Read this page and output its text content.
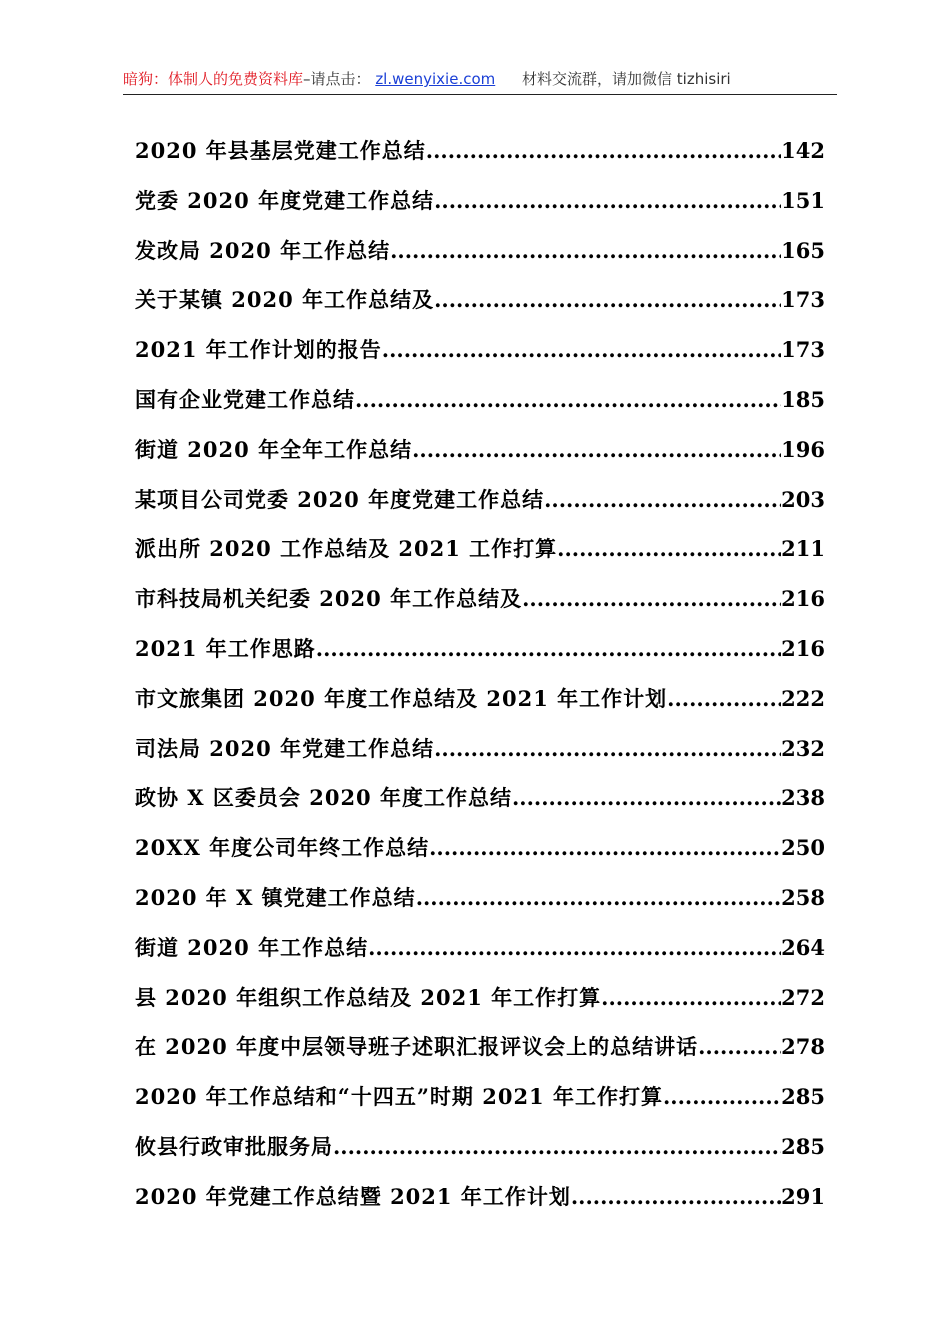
暗狗：体制人的免费资料库–请点击： zl.wenyixie.com 材料交流群，请加微信 tizhisiri
2020 年县基层党建工作总结 .....	142
党委 2020 年度党建工作总结 .....	151
发改局 2020 年工作总结 .....	165
关于某镇 2020 年工作总结及 .....	173
2021 年工作计划的报告 .....	173
国有企业党建工作总结 .....	185
街道 2020 年全年工作总结 .....	196
某项目公司党委 2020 年度党建工作总结 .....	203
派出所 2020 工作总结及 2021 工作打算 .....	211
市科技局机关纪委 2020 年工作总结及 .....	216
2021 年工作思路 .....	216
市文旅集团 2020 年度工作总结及 2021 年工作计划 .....	222
司法局 2020 年党建工作总结 .....	232
政协 X 区委员会 2020 年度工作总结 .....	238
20XX 年度公司年终工作总结 .....	250
2020 年 X 镇党建工作总结 .....	258
街道 2020 年工作总结 .....	264
县 2020 年组织工作总结及 2021 年工作打算 .....	272
在 2020 年度中层领导班子述职汇报评议会上的总结讲话 .....	278
2020 年工作总结和“十四五”时期 2021 年工作打算 .....	285
攸县行政审批服务局 .....	285
2020 年党建工作总结暨 2021 年工作计划 .....	291
